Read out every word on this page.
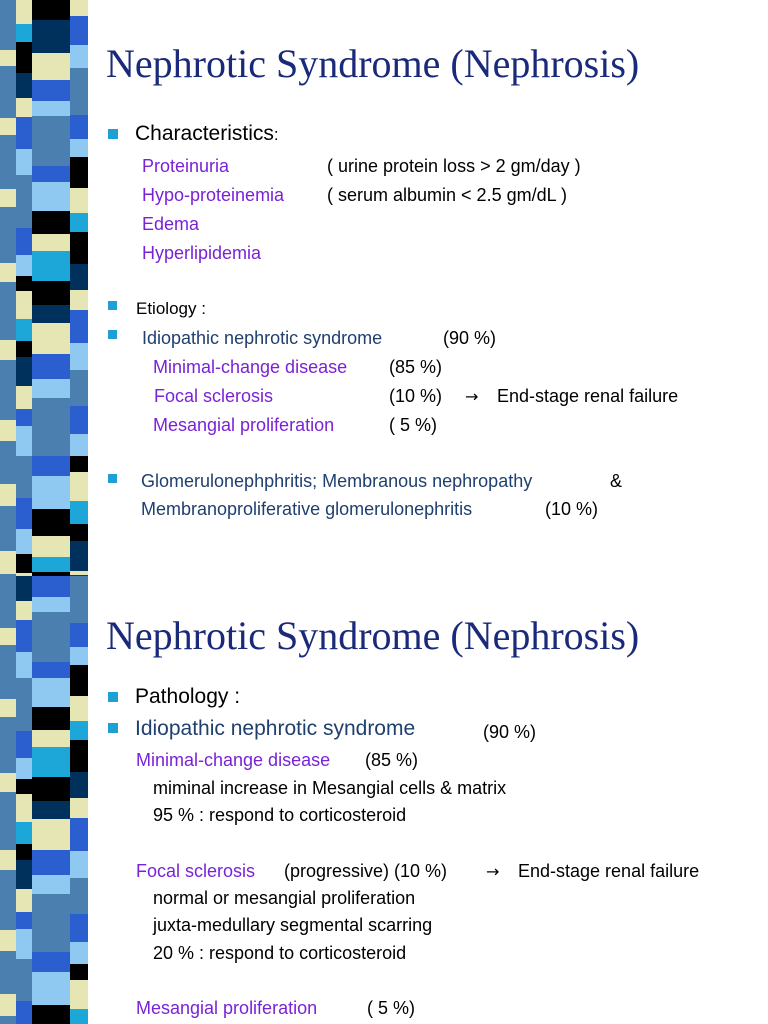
Nephrotic Syndrome (Nephrosis)
Characteristics:
Proteinuria	( urine protein loss > 2 gm/day )
Hypo-proteinemia ( serum albumin < 2.5 gm/dL )
Edema
Hyperlipidemia
Etiology :
Idiopathic nephrotic syndrome	(90 %)
Minimal-change disease (85 %)
Focal sclerosis	(10 %) → End-stage renal failure
Mesangial proliferation	( 5 %)
Glomerulonephphritis; Membranous nephropathy	&
Membranoproliferative glomerulonephritis	(10 %)
Nephrotic Syndrome (Nephrosis)
Pathology :
Idiopathic nephrotic syndrome	(90 %)
Minimal-change disease (85 %)
miminal increase in Mesangial cells & matrix
95 % : respond to corticosteroid
Focal sclerosis (progressive) (10 %) → End-stage renal failure
normal or mesangial proliferation
juxta-medullary segmental scarring
20 % : respond to corticosteroid
Mesangial proliferation	( 5 %)
